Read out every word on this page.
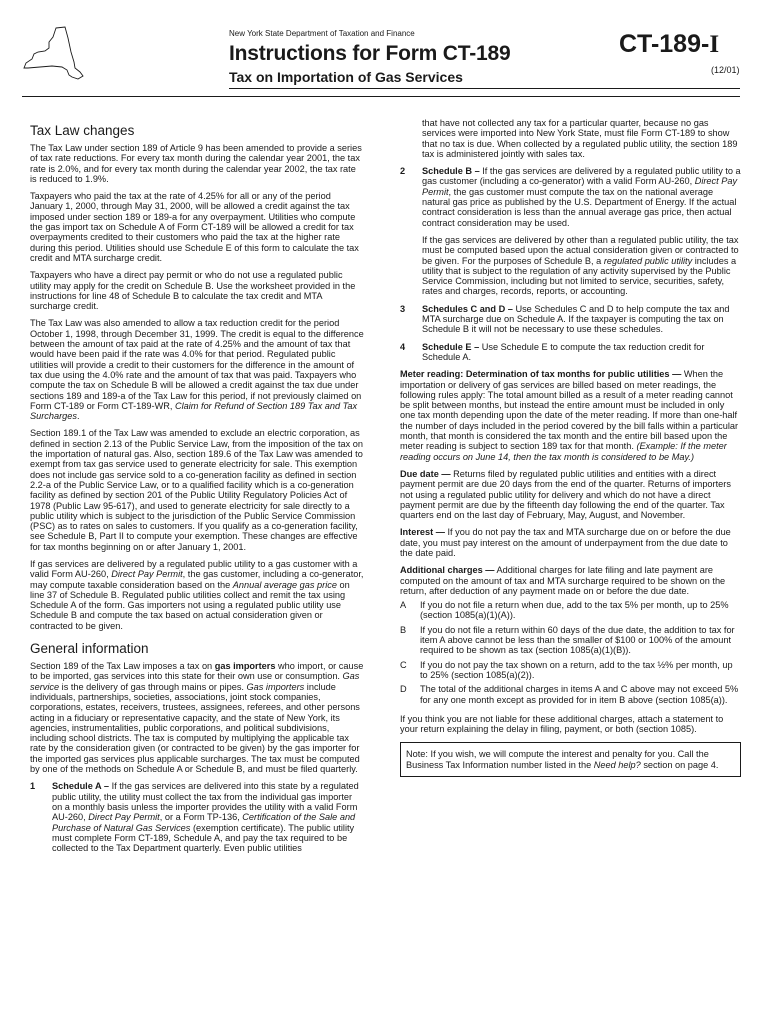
New York State Department of Taxation and Finance
Instructions for Form CT-189
Tax on Importation of Gas Services
CT-189-I
(12/01)
Tax Law changes

The Tax Law under section 189 of Article 9 has been amended to provide a series of tax rate reductions. For every tax month during the calendar year 2001, the tax rate is 2.0%, and for every tax month during the calendar year 2002, the tax rate is reduced to 1.9%.

Taxpayers who paid the tax at the rate of 4.25% for all or any of the period January 1, 2000, through May 31, 2000, will be allowed a credit against the tax imposed under section 189 or 189-a for any overpayment. Utilities who compute the gas import tax on Schedule A of Form CT-189 will be allowed a credit for tax overpayments credited to their customers who paid the tax at the higher rate during this period. Utilities should use Schedule E of this form to calculate the tax credit and MTA surcharge credit.

Taxpayers who have a direct pay permit or who do not use a regulated public utility may apply for the credit on Schedule B. Use the worksheet provided in the instructions for line 48 of Schedule B to calculate the tax credit and MTA surcharge credit.

The Tax Law was also amended to allow a tax reduction credit for the period October 1, 1998, through December 31, 1999. The credit is equal to the difference between the amount of tax paid at the rate of 4.25% and the amount of tax that would have been paid if the rate was 4.0% for that period. Regulated public utilities will provide a credit to their customers for the difference in the amount of tax due using the 4.0% rate and the amount of tax that was paid. Taxpayers who compute the tax on Schedule B will be allowed a credit against the tax due under sections 189 and 189-a of the Tax Law for this period, if not previously claimed on Form CT-189 or Form CT-189-WR, Claim for Refund of Section 189 Tax and Tax Surcharges.

Section 189.1 of the Tax Law was amended to exclude an electric corporation, as defined in section 2.13 of the Public Service Law, from the imposition of the tax on the importation of natural gas. Also, section 189.6 of the Tax Law was amended to exempt from tax gas service used to generate electricity for sale. This exemption does not include gas service sold to a co-generation facility as defined in section 2.2-a of the Public Service Law, or to a qualified facility which is a co-generation facility as defined by section 201 of the Public Utility Regulatory Policies Act of 1978 (Public Law 95-617), and used to generate electricity for sale directly to a public utility which is subject to the jurisdiction of the Public Service Commission (PSC) as to rates on sales to customers. If you qualify as a co-generation facility, see Schedule B, Part II to compute your exemption. These changes are effective for tax months beginning on or after January 1, 2001.

If gas services are delivered by a regulated public utility to a gas customer with a valid Form AU-260, Direct Pay Permit, the gas customer, including a co-generator, may compute taxable consideration based on the Annual average gas price on line 37 of Schedule B. Regulated public utilities collect and remit the tax using Schedule A of the form. Gas importers not using a regulated public utility use Schedule B and compute the tax based on actual consideration given or contracted to be given.

General information

Section 189 of the Tax Law imposes a tax on gas importers who import, or cause to be imported, gas services into this state for their own use or consumption. Gas service is the delivery of gas through mains or pipes. Gas importers include individuals, partnerships, societies, associations, joint stock companies, corporations, estates, receivers, trustees, assignees, referees, and other persons acting in a fiduciary or representative capacity, and the state of New York, its agencies, instrumentalities, public corporations, and political subdivisions, including school districts. The tax is computed by multiplying the applicable tax rate by the consideration given (or contracted to be given) by the gas importer for the imported gas services plus applicable surcharges. The tax must be computed by one of the methods on Schedule A or Schedule B, and must be filed quarterly.

1	Schedule A – If the gas services are delivered into this state by a regulated public utility, the utility must collect the tax from the individual gas importer on a monthly basis unless the importer provides the utility with a valid Form AU-260, Direct Pay Permit, or a Form TP-136, Certification of the Sale and Purchase of Natural Gas Services (exemption certificate). The public utility must complete Form CT-189, Schedule A, and pay the tax required to be collected to the Tax Department quarterly. Even public utilities
that have not collected any tax for a particular quarter, because no gas services were imported into New York State, must file Form CT-189 to show that no tax is due. When collected by a regulated public utility, the section 189 tax is administered jointly with sales tax.
2	Schedule B – If the gas services are delivered by a regulated public utility to a gas customer (including a co-generator) with a valid Form AU-260, Direct Pay Permit, the gas customer must compute the tax on the national average natural gas price as published by the U.S. Department of Energy. If the actual contract consideration is less than the annual average gas price, then actual contract consideration may be used.

If the gas services are delivered by other than a regulated public utility, the tax must be computed based upon the actual consideration given or contracted to be given. For the purposes of Schedule B, a regulated public utility includes a utility that is subject to the regulation of any activity supervised by the Public Service Commission, including but not limited to service, securities, safety, rates and charges, records, reports, or accounting.

3	Schedules C and D – Use Schedules C and D to help compute the tax and MTA surcharge due on Schedule A. If the taxpayer is computing the tax on Schedule B it will not be necessary to use these schedules.
4	Schedule E – Use Schedule E to compute the tax reduction credit for Schedule A.

Meter reading: Determination of tax months for public utilities — When the importation or delivery of gas services are billed based on meter readings, the following rules apply: The total amount billed as a result of a meter reading cannot be split between months, but instead the entire amount must be included in only one tax month depending upon the date of the meter reading. If more than one-half the number of days included in the period covered by the bill falls within a particular month, that month is considered the tax month and the entire bill based upon the meter reading is subject to section 189 tax for that month. (Example: If the meter reading occurs on June 14, then the tax month is considered to be May.)

Due date — Returns filed by regulated public utilities and entities with a direct payment permit are due 20 days from the end of the quarter. Returns of importers not using a regulated public utility for delivery and which do not have a direct payment permit are due by the fifteenth day following the end of the quarter. Tax quarters end on the last day of February, May, August, and November.

Interest — If you do not pay the tax and MTA surcharge due on or before the due date, you must pay interest on the amount of underpayment from the due date to the date paid.

Additional charges — Additional charges for late filing and late payment are computed on the amount of tax and MTA surcharge required to be shown on the return, after deduction of any payment made on or before the due date.

A	If you do not file a return when due, add to the tax 5% per month, up to 25% (section 1085(a)(1)(A)).
B	If you do not file a return within 60 days of the due date, the addition to tax for item A above cannot be less than the smaller of $100 or 100% of the amount required to be shown as tax (section 1085(a)(1)(B)).
C	If you do not pay the tax shown on a return, add to the tax ½% per month, up to 25% (section 1085(a)(2)).
D	The total of the additional charges in items A and C above may not exceed 5% for any one month except as provided for in item B above (section 1085(a)).

If you think you are not liable for these additional charges, attach a statement to your return explaining the delay in filing, payment, or both (section 1085).

Note: If you wish, we will compute the interest and penalty for you. Call the Business Tax Information number listed in the Need help? section on page 4.
